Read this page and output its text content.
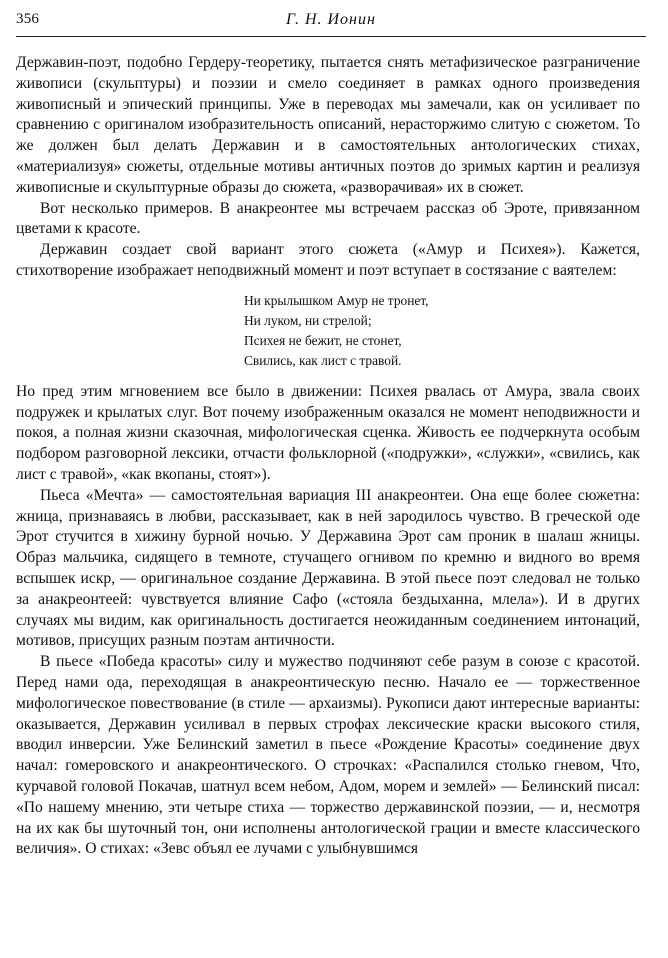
356	Г. Н. Ионин

Державин-поэт, подобно Гердеру-теоретику, пытается снять метафизическое разграничение живописи (скульптуры) и поэзии и смело соединяет в рамках одного произведения живописный и эпический принципы. Уже в переводах мы замечали, как он усиливает по сравнению с оригиналом изобразительность описаний, нерасторжимо слитую с сюжетом. То же должен был делать Державин и в самостоятельных антологических стихах, «материализуя» сюжеты, отдельные мотивы античных поэтов до зримых картин и реализуя живописные и скульптурные образы до сюжета, «разворачивая» их в сюжет.

Вот несколько примеров. В анакреонтее мы встречаем рассказ об Эроте, привязанном цветами к красоте.

Державин создает свой вариант этого сюжета («Амур и Психея»). Кажется, стихотворение изображает неподвижный момент и поэт вступает в состязание с ваятелем:

Ни крылышком Амур не тронет,
Ни луком, ни стрелой;
Психея не бежит, не стонет,
Свились, как лист с травой.

Но пред этим мгновением все было в движении: Психея рвалась от Амура, звала своих подружек и крылатых слуг. Вот почему изображенным оказался не момент неподвижности и покоя, а полная жизни сказочная, мифологическая сценка. Живость ее подчеркнута особым подбором разговорной лексики, отчасти фольклорной («подружки», «служки», «свились, как лист с травой», «как вкопаны, стоят»).

Пьеса «Мечта» — самостоятельная вариация III анакреонтеи. Она еще более сюжетна: жница, признаваясь в любви, рассказывает, как в ней зародилось чувство. В греческой оде Эрот стучится в хижину бурной ночью. У Державина Эрот сам проник в шалаш жницы. Образ мальчика, сидящего в темноте, стучащего огнивом по кремню и видного во время вспышек искр, — оригинальное создание Державина. В этой пьесе поэт следовал не только за анакреонтеей: чувствуется влияние Сафо («стояла бездыханна, млела»). И в других случаях мы видим, как оригинальность достигается неожиданным соединением интонаций, мотивов, присущих разным поэтам античности.

В пьесе «Победа красоты» силу и мужество подчиняют себе разум в союзе с красотой. Перед нами ода, переходящая в анакреонтическую песню. Начало ее — торжественное мифологическое повествование (в стиле — архаизмы). Рукописи дают интересные варианты: оказывается, Державин усиливал в первых строфах лексические краски высокого стиля, вводил инверсии. Уже Белинский заметил в пьесе «Рождение Красоты» соединение двух начал: гомеровского и анакреонтического. О строчках: «Распалился столько гневом, Что, курчавой головой Покачав, шатнул всем небом, Адом, морем и землей» — Белинский писал: «По нашему мнению, эти четыре стиха — торжество державинской поэзии, — и, несмотря на их как бы шуточный тон, они исполнены антологической грации и вместе классического величия». О стихах: «Зевс объял ее лучами с улыбнувшимся
